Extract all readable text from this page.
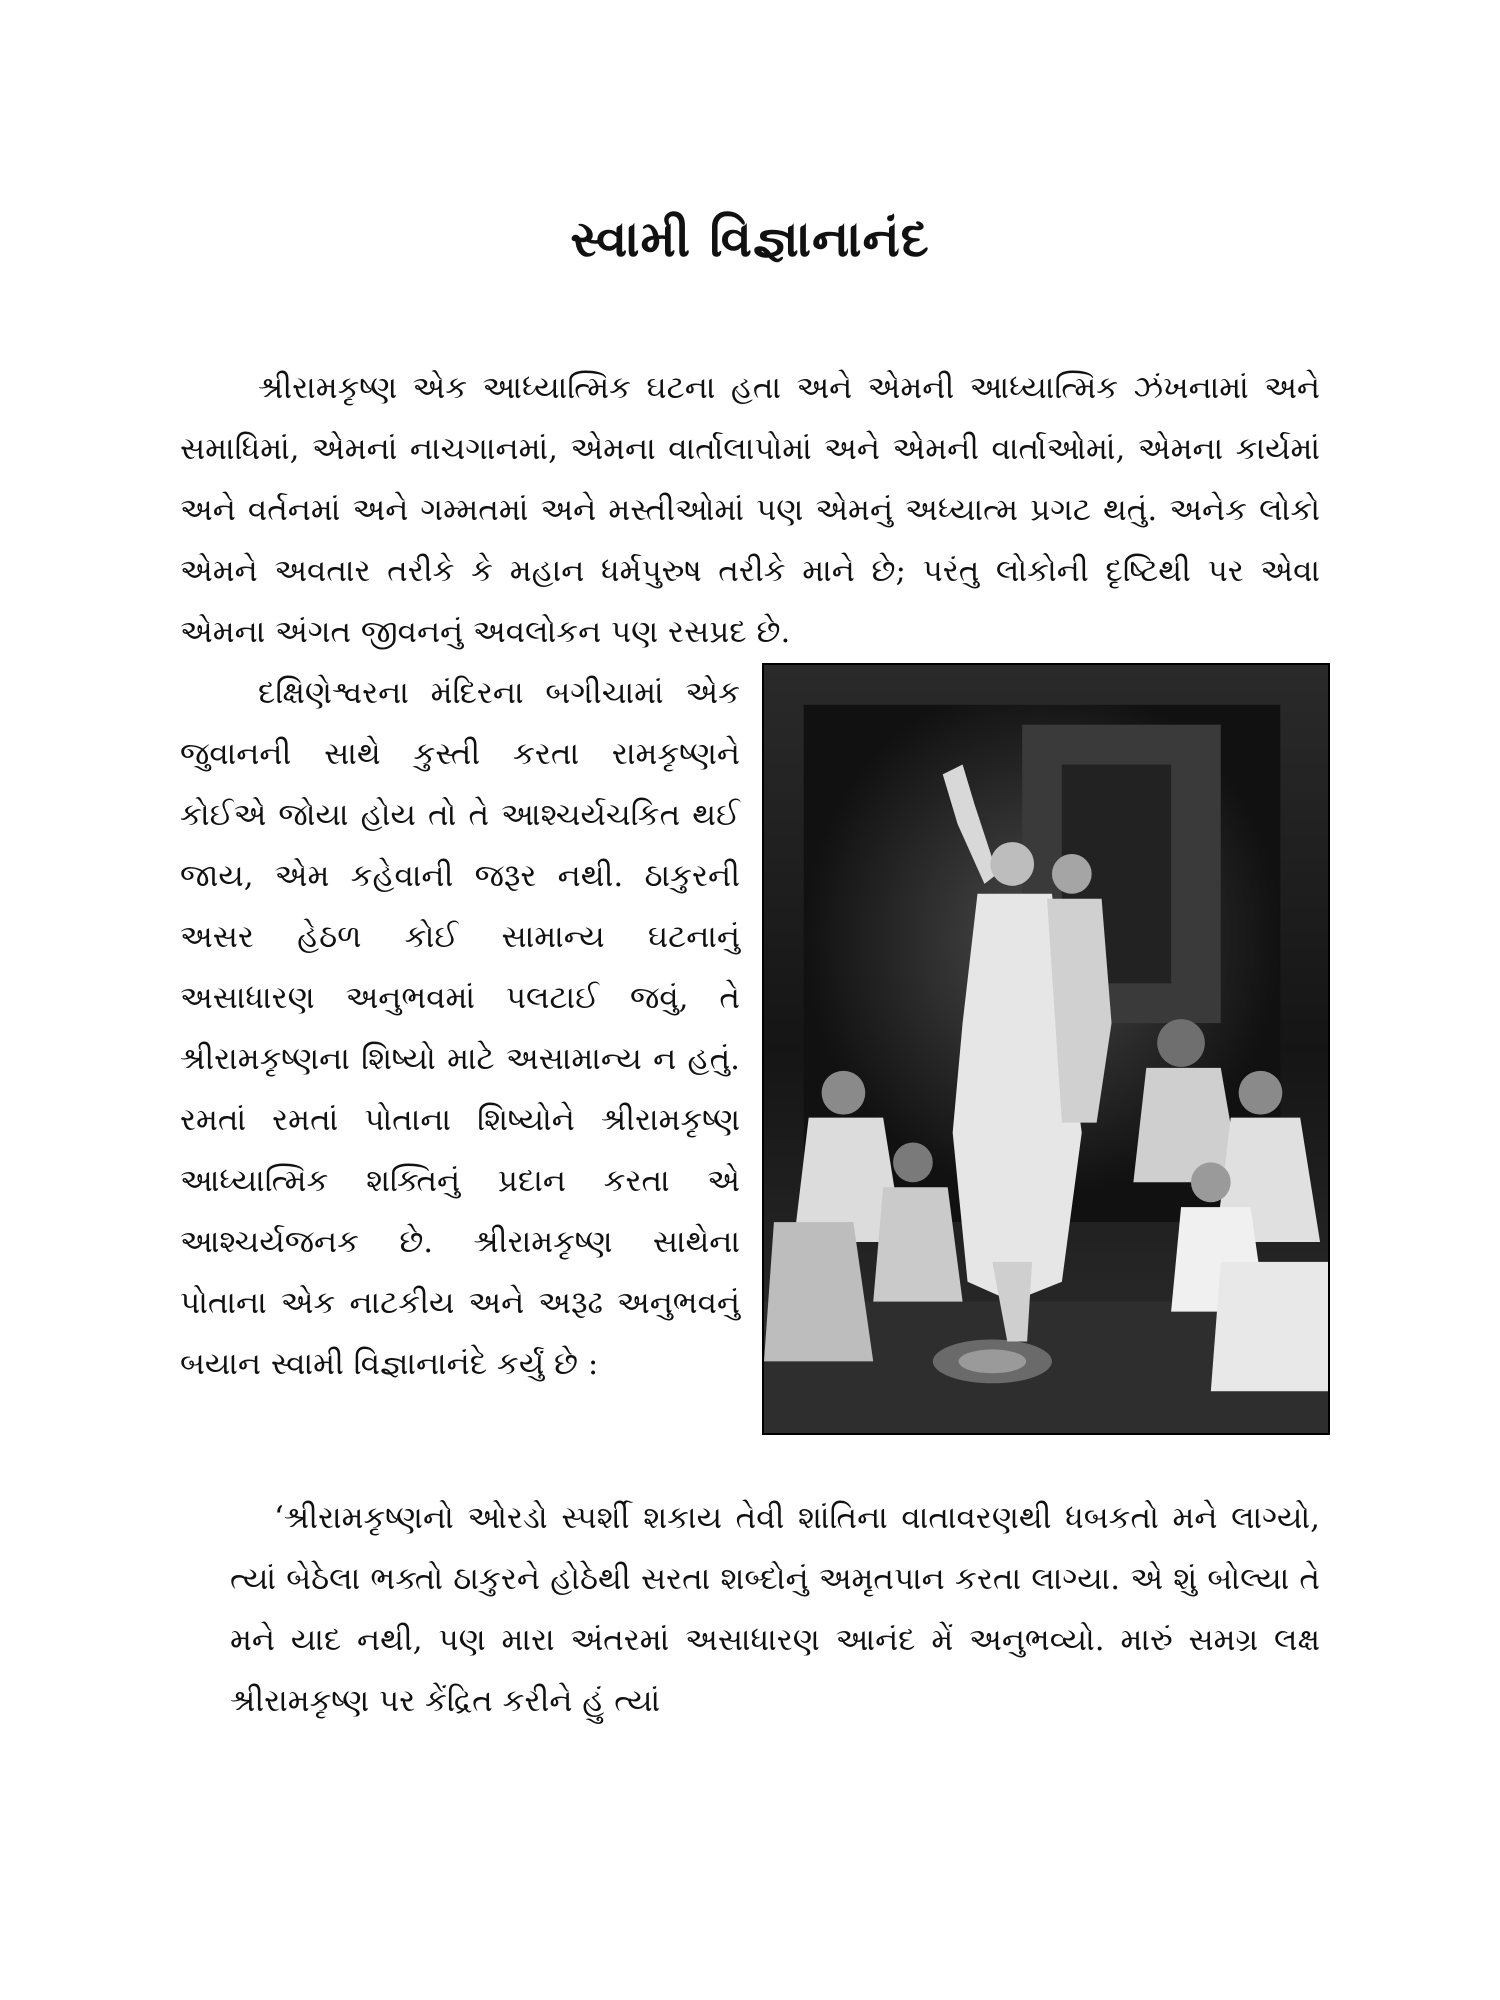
સ્વામી વિજ્ઞાનાનંદ

શ્રીરામકૃષ્ણ એક આધ્યાત્મિક ઘટના હતા અને એમની આધ્યાત્મિક ઝંખનામાં અને સમાધિમાં, એમનાં નાચગાનમાં, એમના વાર્તાલાપોમાં અને એમની વાર્તાઓમાં, એમના કાર્યમાં અને વર્તનમાં અને ગમ્મતમાં અને મસ્તીઓમાં પણ એમનું અધ્યાત્મ પ્રગટ થતું. અનેક લોકો એમને અવતાર તરીકે કે મહાન ધર્મપુરુષ તરીકે માને છે; પરંતુ લોકોની દૃષ્ટિથી પર એવા એમના અંગત જીવનનું અવલોકન પણ રસપ્રદ છે.

દક્ષિણેશ્વરના મંદિરના બગીચામાં એક જુવાનની સાથે કુસ્તી કરતા રામકૃષ્ણને કોઈએ જોયા હોય તો તે આશ્ચર્યચકિત થઈ જાય, એમ કહેવાની જરૂર નથી. ઠાકુરની અસર હેઠળ કોઈ સામાન્ય ઘટનાનું અસાધારણ અનુભવમાં પલટાઈ જવું, તે શ્રીરામકૃષ્ણના શિષ્યો માટે અસામાન્ય ન હતું. રમતાં રમતાં પોતાના શિષ્યોને શ્રીરામકૃષ્ણ આધ્યાત્મિક શક્તિનું પ્રદાન કરતા એ આશ્ચર્યજનક છે. શ્રીરામકૃષ્ણ સાથેના પોતાના એક નાટકીય અને અરૂઢ અનુભવનું બયાન સ્વામી વિજ્ઞાનાનંદે કર્યું છે :

‘શ્રીરામકૃષ્ણનો ઓરડો સ્પર્શી શકાય તેવી શાંતિના વાતાવરણથી ધબકતો મને લાગ્યો, ત્યાં બેઠેલા ભક્તો ઠાકુરને હોઠેથી સરતા શબ્દોનું અમૃતપાન કરતા લાગ્યા. એ શું બોલ્યા તે મને યાદ નથી, પણ મારા અંતરમાં અસાધારણ આનંદ મેં અનુભવ્યો. મારું સમગ્ર લક્ષ શ્રીરામકૃષ્ણ પર કેંદ્રિત કરીને હું ત્યાં
